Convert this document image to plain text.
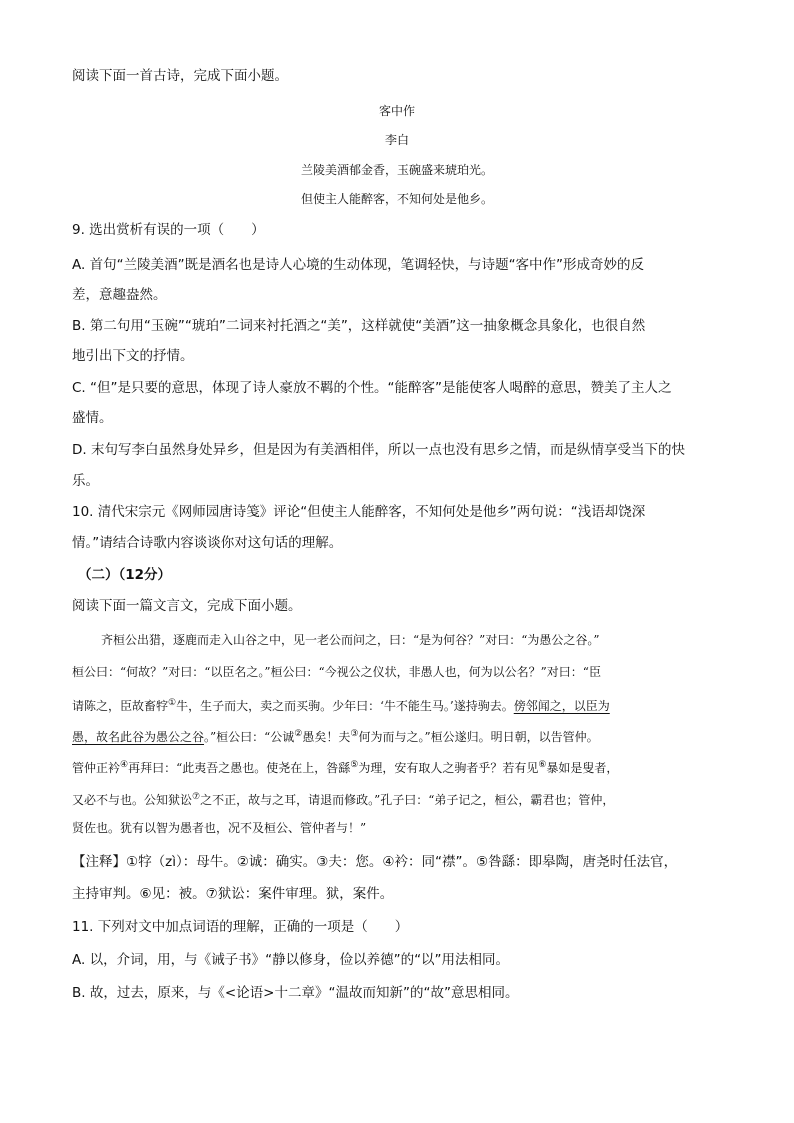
阅读下面一首古诗，完成下面小题。
客中作
李白
兰陵美酒郁金香，玉碗盛来琥珀光。
但使主人能醉客，不知何处是他乡。
9. 选出赏析有误的一项（　　）
A. 首句“兰陵美酒”既是酒名也是诗人心境的生动体现，笔调轻快，与诗题“客中作”形成奇妙的反
差，意趣盎然。
B. 第二句用“玉碗”“琥珀”二词来衬托酒之“美”，这样就使“美酒”这一抽象概念具象化，也很自然
地引出下文的抒情。
C. “但”是只要的意思，体现了诗人豪放不羁的个性。“能醉客”是能使客人喝醉的意思，赞美了主人之
盛情。
D. 末句写李白虽然身处异乡，但是因为有美酒相伴，所以一点也没有思乡之情，而是纵情享受当下的快
乐。
10. 清代宋宗元《网师园唐诗笺》评论“但使主人能醉客，不知何处是他乡”两句说：“浅语却饶深
情。”请结合诗歌内容谈谈你对这句话的理解。
（二）（12分）
阅读下面一篇文言文，完成下面小题。
齐桓公出猎，逐鹿而走入山谷之中，见一老公而问之，曰：“是为何谷？”对曰：“为愚公之谷。”
桓公曰：“何故？”对曰：“以臣名之。”桓公曰：“今视公之仪状，非愚人也，何为以公名？”对曰：“臣
请陈之，臣故畜牸①牛，生子而大，卖之而买驹。少年曰：‘牛不能生马。’遂持驹去。傍邻闻之，以臣为
愚，故名此谷为愚公之谷。”桓公曰：“公诚②愚矣！夫③何为而与之。”桓公遂归。明日朝，以告管仲。
管仲正衿④再拜曰：“此夷吾之愚也。使尧在上，咎繇⑤为理，安有取人之驹者乎？若有见⑥暴如是叟者，
又必不与也。公知狱讼⑦之不正，故与之耳，请退而修政。”孔子曰：“弟子记之，桓公，霸君也；管仲，
贤佐也。犹有以智为愚者也，况不及桓公、管仲者与！”
【注释】①牸（zì）：母牛。②诚：确实。③夫：您。④衿：同“襟”。⑤咎繇：即皋陶，唐尧时任法官，
主持审判。⑥见：被。⑦狱讼：案件审理。狱，案件。
11. 下列对文中加点词语的理解，正确的一项是（　　）
A. 以，介词，用，与《诫子书》“静以修身，俭以养德”的“以”用法相同。
B. 故，过去，原来，与《<论语>十二章》“温故而知新”的“故”意思相同。
